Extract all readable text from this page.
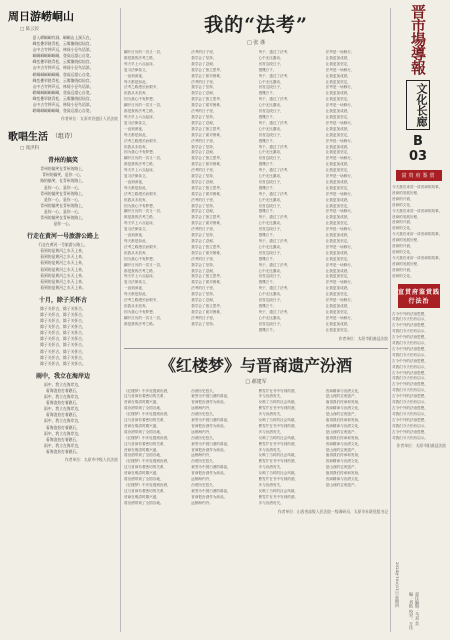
周日游崂峒山
□ 陈云民
夏入崂峒峒有洞，峒峒山上洞天在，
峰峦叠翠绕青松，云雾缭绕似仙宫。
山中古寺钟声远，林间小径鸟语浓。
峒峒峒峒峒峒峒，登高远望心自宽。
峰峦叠翠绕青松，云雾缭绕似仙宫。
山中古寺钟声远，林间小径鸟语浓。
崂峒峒峒峒峒峒，登高远望心自宽。
峰峦叠翠绕青松，云雾缭绕似仙宫。
山中古寺钟声远，林间小径鸟语浓。
崂峒峒峒峒峒峒，登高远望心自宽。
峰峦叠翠绕青松，云雾缭绕似仙宫。
山中古寺钟声远，林间小径鸟语浓。
崂峒峒峒峒峒峒，登高远望心自宽。
作者单位：太原市仍盛区人民法院
歌唱生活 （组诗）
□ 康洪科
青州的搞笑
青州的搞笑在青州的路上，
青州的搞笑，是你一心，
路的搞笑，在青州的路上，
是你一心，是你一心，
青州的搞笑在青州的路上，
是你一心，是你一心，
青州的搞笑在青州的路上，
是你一心，是你一心，
青州的搞笑在青州的路上，
是你一心。
行走在黄河一号旅游公路上
行走在黄河一号旅游公路上，
看到的是黄河之水天上来，
看到的是黄河之水天上来，
看到的是黄河之水天上来，
看到的是黄河之水天上来，
看到的是黄河之水天上来，
看到的是黄河之水天上来，
看到的是黄河之水天上来。
十月，除子关怀古
除子关怀古，除子关怀古，
除子关怀古，除子关怀古，
除子关怀古，除子关怀古，
除子关怀古，除子关怀古，
除子关怀古，除子关怀古，
除子关怀古，除子关怀古，
除子关怀古，除子关怀古，
除子关怀古，除子关怀古，
除子关怀古，除子关怀古，
除子关怀古，除子关怀古。
雨中，我立在海岸边
雨中，我立在海岸边，
看海浪拍打着礁石，
雨中，我立在海岸边，
看海浪拍打着礁石，
雨中，我立在海岸边，
看海浪拍打着礁石，
雨中，我立在海岸边，
看海浪拍打着礁石，
雨中，我立在海岸边，
看海浪拍打着礁石，
雨中，我立在海岸边，
看海浪拍打着礁石。
作者单位：太原市中级人民法院
我的“法考”
□ 张 谨
翻开日历的一页又一页，
都是我的法考之路，
每天早上六点起床，
复习法律条文，
一直到深夜，
每天都是如此，
法考之路漫长而艰辛，
但我从未放弃，
因为我心中有梦想，
翻开日历的一页又一页，
都是我的法考之路，
每天早上六点起床，
复习法律条文，
一直到深夜，
每天都是如此，
法考之路漫长而艰辛，
但我从未放弃，
因为我心中有梦想，
翻开日历的一页又一页，
都是我的法考之路，
每天早上六点起床，
复习法律条文，
一直到深夜，
每天都是如此，
法考之路漫长而艰辛，
但我从未放弃，
因为我心中有梦想，
翻开日历的一页又一页，
都是我的法考之路，
每天早上六点起床，
复习法律条文，
一直到深夜，
每天都是如此，
法考之路漫长而艰辛，
但我从未放弃，
因为我心中有梦想，
翻开日历的一页又一页，
都是我的法考之路，
每天早上六点起床，
复习法律条文，
一直到深夜，
每天都是如此，
法考之路漫长而艰辛，
但我从未放弃，
因为我心中有梦想，
翻开日历的一页又一页，
都是我的法考之路。
法考的日子里，
我学会了坚持，
我学会了忍耐，
我学会了独立思考，
我学会了面对困难，
法考的日子里，
我学会了坚持，
我学会了忍耐，
我学会了独立思考，
我学会了面对困难，
法考的日子里，
我学会了坚持，
我学会了忍耐，
我学会了独立思考，
我学会了面对困难，
法考的日子里，
我学会了坚持，
我学会了忍耐，
我学会了独立思考，
我学会了面对困难，
法考的日子里，
我学会了坚持，
我学会了忍耐，
我学会了独立思考，
我学会了面对困难，
法考的日子里，
我学会了坚持，
我学会了忍耐，
我学会了独立思考，
我学会了面对困难，
法考的日子里，
我学会了坚持，
我学会了忍耐，
我学会了独立思考，
我学会了面对困难，
法考的日子里，
我学会了坚持，
我学会了忍耐，
我学会了独立思考，
我学会了面对困难，
法考的日子里，
我学会了坚持，
我学会了忍耐，
我学会了独立思考，
我学会了面对困难，
法考的日子里，
我学会了坚持。
终于，通过了法考，
心中无比激动，
回首这段日子，
感慨万千，
终于，通过了法考，
心中无比激动，
回首这段日子，
感慨万千，
终于，通过了法考，
心中无比激动，
回首这段日子，
感慨万千，
终于，通过了法考，
心中无比激动，
回首这段日子，
感慨万千，
终于，通过了法考，
心中无比激动，
回首这段日子，
感慨万千，
终于，通过了法考，
心中无比激动，
回首这段日子，
感慨万千，
终于，通过了法考，
心中无比激动，
回首这段日子，
感慨万千，
终于，通过了法考，
心中无比激动，
回首这段日子，
感慨万千，
终于，通过了法考，
心中无比激动，
回首这段日子，
感慨万千，
终于，通过了法考，
心中无比激动，
回首这段日子，
感慨万千，
终于，通过了法考，
心中无比激动，
回首这段日子，
感慨万千，
终于，通过了法考，
心中无比激动，
回首这段日子，
感慨万千。
法考是一场修行，
让我更加成熟，
让我更加坚定，
法考是一场修行，
让我更加成熟，
让我更加坚定，
法考是一场修行，
让我更加成熟，
让我更加坚定，
法考是一场修行，
让我更加成熟，
让我更加坚定，
法考是一场修行，
让我更加成熟，
让我更加坚定，
法考是一场修行，
让我更加成熟，
让我更加坚定，
法考是一场修行，
让我更加成熟，
让我更加坚定，
法考是一场修行，
让我更加成熟，
让我更加坚定，
法考是一场修行，
让我更加成熟，
让我更加坚定，
法考是一场修行，
让我更加成熟，
让我更加坚定，
法考是一场修行，
让我更加成熟，
让我更加坚定，
法考是一场修行，
让我更加成熟，
让我更加坚定，
法考是一场修行，
让我更加成熟，
让我更加坚定，
法考是一场修行，
让我更加成熟，
让我更加坚定，
法考是一场修行，
让我更加成熟，
让我更加坚定，
法考是一场修行，
让我更加成熟，
让我更加坚定。
作者单位：太原市阳曲县法院
《红楼梦》与晋商遗产汾酒
□ 郝建军
《红楼梦》中多处提到汾酒，
这与晋商有着密切的关系，
晋商在明清时期兴盛，
将汾酒带到了全国各地，
《红楼梦》中多处提到汾酒，
这与晋商有着密切的关系，
晋商在明清时期兴盛，
将汾酒带到了全国各地，
《红楼梦》中多处提到汾酒，
这与晋商有着密切的关系，
晋商在明清时期兴盛，
将汾酒带到了全国各地，
《红楼梦》中多处提到汾酒，
这与晋商有着密切的关系，
晋商在明清时期兴盛，
将汾酒带到了全国各地，
《红楼梦》中多处提到汾酒，
这与晋商有着密切的关系，
晋商在明清时期兴盛，
将汾酒带到了全国各地。
汾酒历史悠久，
被誉为中国白酒的鼻祖，
晋商把汾酒作为商品，
远销海内外，
汾酒历史悠久，
被誉为中国白酒的鼻祖，
晋商把汾酒作为商品，
远销海内外，
汾酒历史悠久，
被誉为中国白酒的鼻祖，
晋商把汾酒作为商品，
远销海内外，
汾酒历史悠久，
被誉为中国白酒的鼻祖，
晋商把汾酒作为商品，
远销海内外，
汾酒历史悠久，
被誉为中国白酒的鼻祖，
晋商把汾酒作为商品，
远销海内外。
曹雪芹在书中写到的酒，
多与汾酒有关，
反映了当时的社会风貌，
曹雪芹在书中写到的酒，
多与汾酒有关，
反映了当时的社会风貌，
曹雪芹在书中写到的酒，
多与汾酒有关，
反映了当时的社会风貌，
曹雪芹在书中写到的酒，
多与汾酒有关，
反映了当时的社会风貌，
曹雪芹在书中写到的酒，
多与汾酒有关，
反映了当时的社会风貌，
曹雪芹在书中写到的酒，
多与汾酒有关，
反映了当时的社会风貌，
曹雪芹在书中写到的酒，
多与汾酒有关。
晋商精神与汾酒文化，
是山西的宝贵遗产，
值得我们传承和发扬，
晋商精神与汾酒文化，
是山西的宝贵遗产，
值得我们传承和发扬，
晋商精神与汾酒文化，
是山西的宝贵遗产，
值得我们传承和发扬，
晋商精神与汾酒文化，
是山西的宝贵遗产，
值得我们传承和发扬，
晋商精神与汾酒文化，
是山西的宝贵遗产，
值得我们传承和发扬，
晋商精神与汾酒文化，
是山西的宝贵遗产。
作者单位：山西省高级人民法院一级调研员、太原市社联党组书记
晋市場導報
文化长廊
B
03
富贵府鉴赏
今天我们来讲一讲晋商的故事，
晋商的发展历程，
晋商的兴衰，
晋商的文化，
今天我们来讲一讲晋商的故事，
晋商的发展历程，
晋商的兴衰，
晋商的文化，
今天我们来讲一讲晋商的故事，
晋商的发展历程，
晋商的兴衰，
晋商的文化，
今天我们来讲一讲晋商的故事，
晋商的发展历程，
晋商的兴衰，
晋商的文化。
宣贯府鉴赏践行法治
古今中外的法治思想，
对我们今天仍有启示，
古今中外的法治思想，
对我们今天仍有启示，
古今中外的法治思想，
对我们今天仍有启示，
古今中外的法治思想，
对我们今天仍有启示，
古今中外的法治思想，
对我们今天仍有启示，
古今中外的法治思想，
对我们今天仍有启示，
古今中外的法治思想，
对我们今天仍有启示，
古今中外的法治思想，
对我们今天仍有启示，
古今中外的法治思想，
对我们今天仍有启示，
古今中外的法治思想，
对我们今天仍有启示，
古今中外的法治思想，
对我们今天仍有启示。
作者单位：太原市阳曲县法院
2024年10月31日 星期四
责任编辑：马双 美编：刘艳 校对：万佳
